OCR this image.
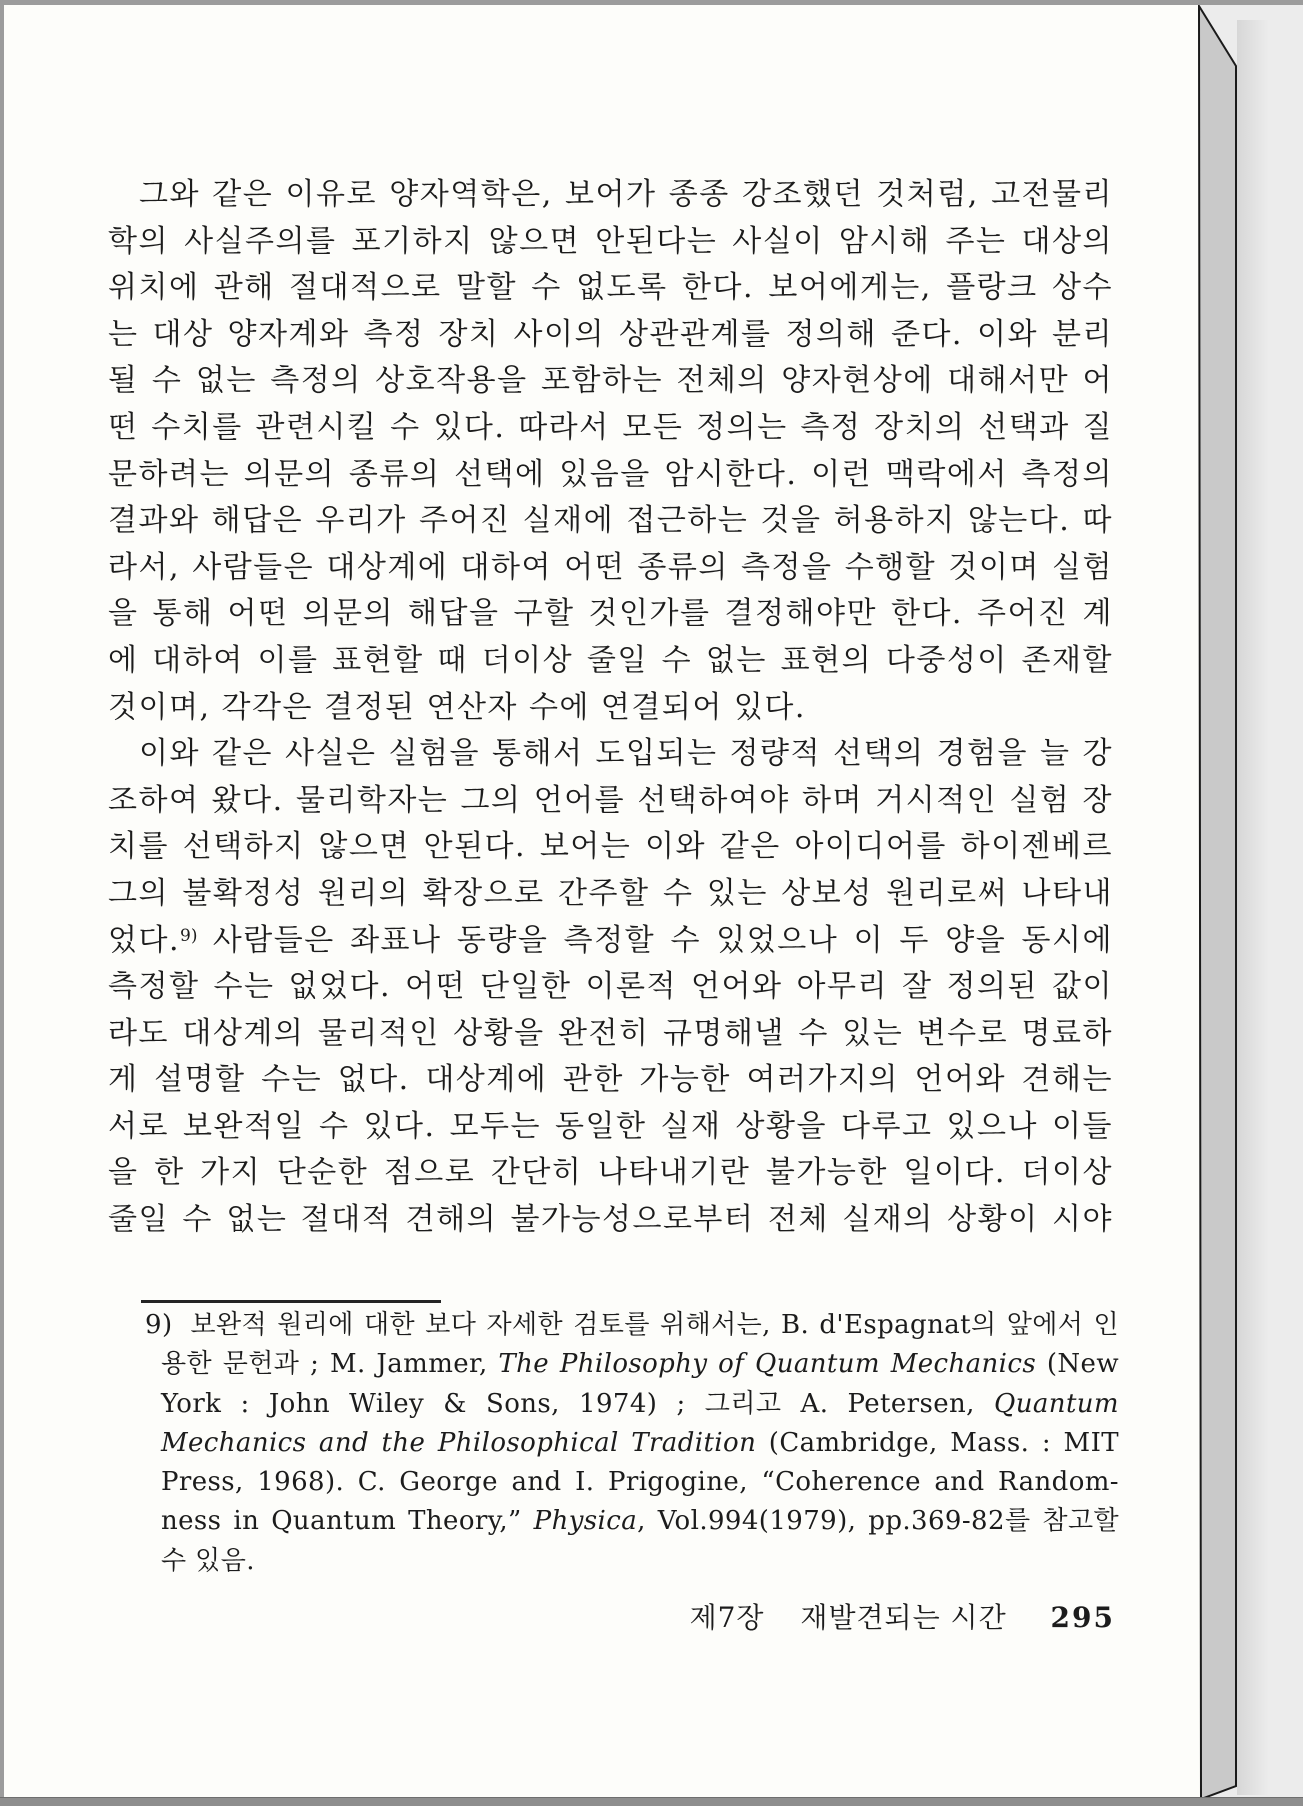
그와 같은 이유로 양자역학은, 보어가 종종 강조했던 것처럼, 고전물리
학의 사실주의를 포기하지 않으면 안된다는 사실이 암시해 주는 대상의
위치에 관해 절대적으로 말할 수 없도록 한다. 보어에게는, 플랑크 상수
는 대상 양자계와 측정 장치 사이의 상관관계를 정의해 준다. 이와 분리
될 수 없는 측정의 상호작용을 포함하는 전체의 양자현상에 대해서만 어
떤 수치를 관련시킬 수 있다. 따라서 모든 정의는 측정 장치의 선택과 질
문하려는 의문의 종류의 선택에 있음을 암시한다. 이런 맥락에서 측정의
결과와 해답은 우리가 주어진 실재에 접근하는 것을 허용하지 않는다. 따
라서, 사람들은 대상계에 대하여 어떤 종류의 측정을 수행할 것이며 실험
을 통해 어떤 의문의 해답을 구할 것인가를 결정해야만 한다. 주어진 계
에 대하여 이를 표현할 때 더이상 줄일 수 없는 표현의 다중성이 존재할
것이며, 각각은 결정된 연산자 수에 연결되어 있다.
이와 같은 사실은 실험을 통해서 도입되는 정량적 선택의 경험을 늘 강
조하여 왔다. 물리학자는 그의 언어를 선택하여야 하며 거시적인 실험 장
치를 선택하지 않으면 안된다. 보어는 이와 같은 아이디어를 하이젠베르
그의 불확정성 원리의 확장으로 간주할 수 있는 상보성 원리로써 나타내
었다.$^{9)}$ 사람들은 좌표나 동량을 측정할 수 있었으나 이 두 양을 동시에
측정할 수는 없었다. 어떤 단일한 이론적 언어와 아무리 잘 정의된 값이
라도 대상계의 물리적인 상황을 완전히 규명해낼 수 있는 변수로 명료하
게 설명할 수는 없다. 대상계에 관한 가능한 여러가지의 언어와 견해는
서로 보완적일 수 있다. 모두는 동일한 실재 상황을 다루고 있으나 이들
을 한 가지 단순한 점으로 간단히 나타내기란 불가능한 일이다. 더이상
줄일 수 없는 절대적 견해의 불가능성으로부터 전체 실재의 상황이 시야
9) 보완적 원리에 대한 보다 자세한 검토를 위해서는, B. d'Espagnat의 앞에서 인
용한 문헌과 ; M. Jammer, The Philosophy of Quantum Mechanics (New
York : John Wiley & Sons, 1974) ; 그리고 A. Petersen, Quantum
Mechanics and the Philosophical Tradition (Cambridge, Mass. : MIT
Press, 1968). C. George and I. Prigogine, “Coherence and Random-
ness in Quantum Theory,” Physica, Vol.994(1979), pp.369-82를 참고할
수 있음.
제7장 재발견되는 시간 295
